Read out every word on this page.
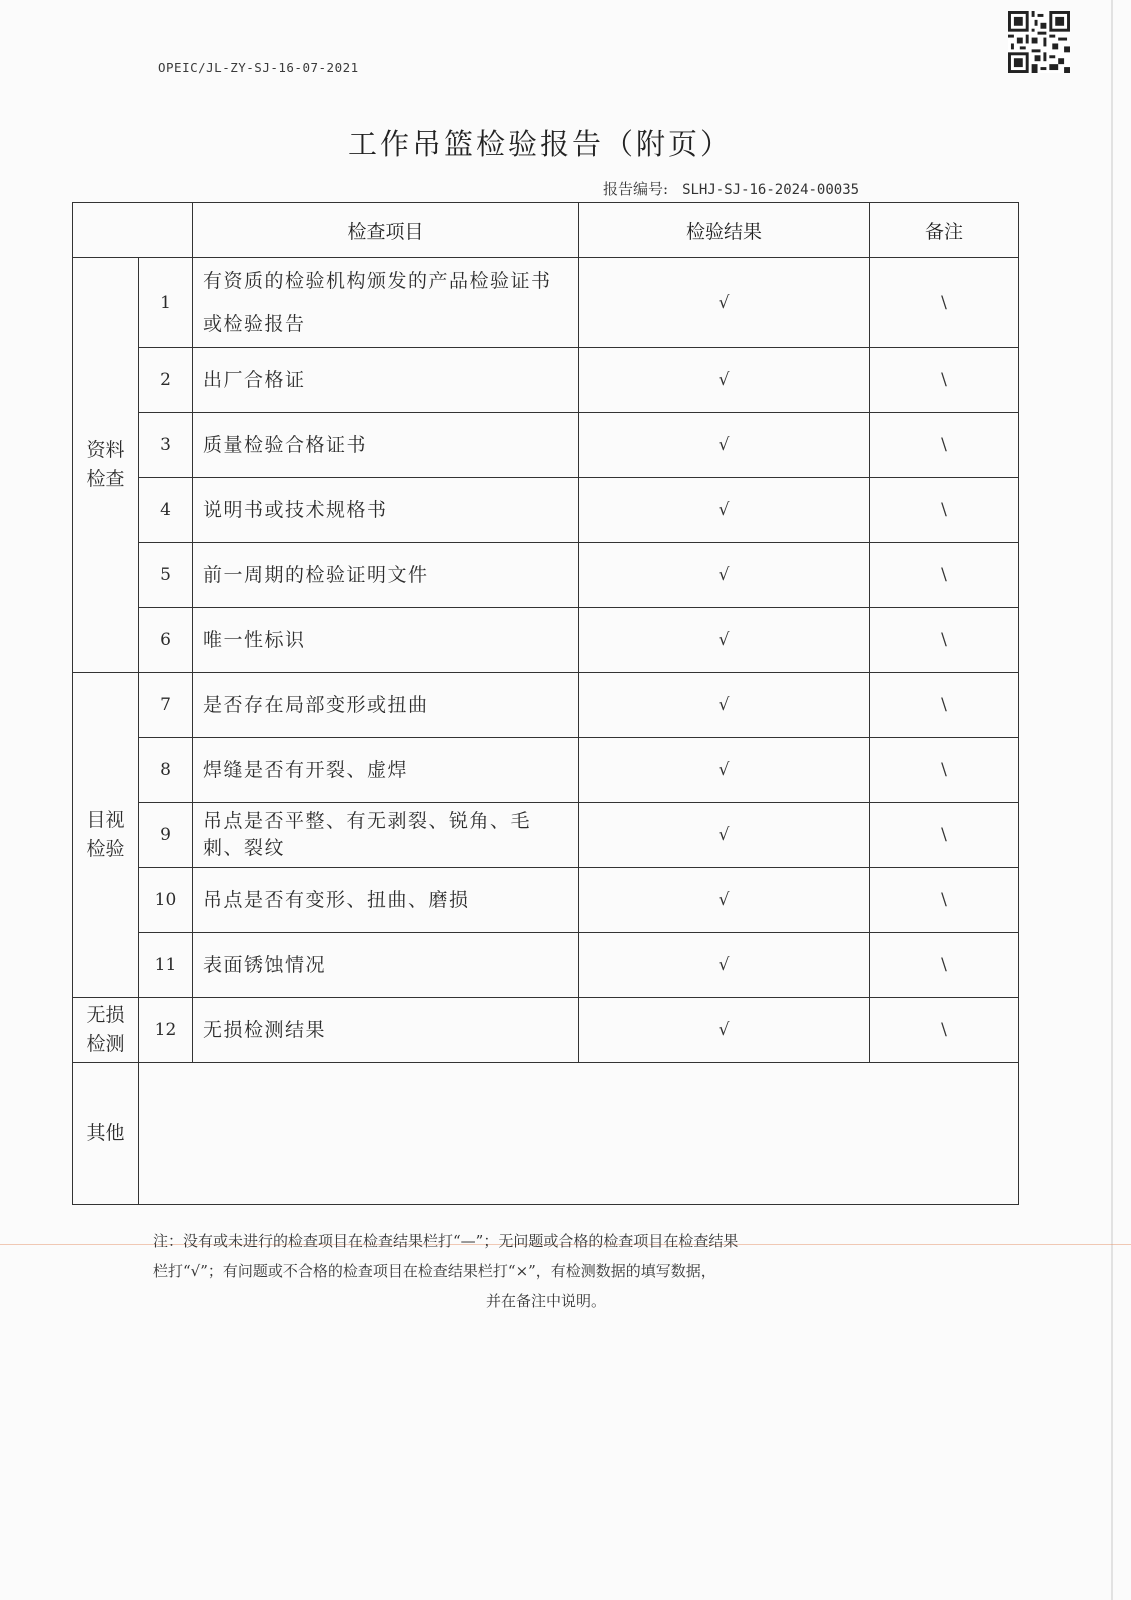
OPEIC/JL-ZY-SJ-16-07-2021
工作吊篮检验报告（附页）
报告编号: SLHJ-SJ-16-2024-00035
		检查项目	检验结果	备注

资料
检查	1	有资质的检验机构颁发的产品检验证书或检验报告	√	\
	2	出厂合格证	√	\
	3	质量检验合格证书	√	\
	4	说明书或技术规格书	√	\
	5	前一周期的检验证明文件	√	\
	6	唯一性标识	√	\

目视
检验	7	是否存在局部变形或扭曲	√	\
	8	焊缝是否有开裂、虚焊	√	\
	9	吊点是否平整、有无剥裂、锐角、毛刺、裂纹	√	\
	10	吊点是否有变形、扭曲、磨损	√	\
	11	表面锈蚀情况	√	\

无损
检测	12	无损检测结果	√	\
其他				
注：没有或未进行的检查项目在检查结果栏打“—”；无问题或合格的检查项目在检查结果
栏打“√”；有问题或不合格的检查项目在检查结果栏打“×”，有检测数据的填写数据，

并在备注中说明。
